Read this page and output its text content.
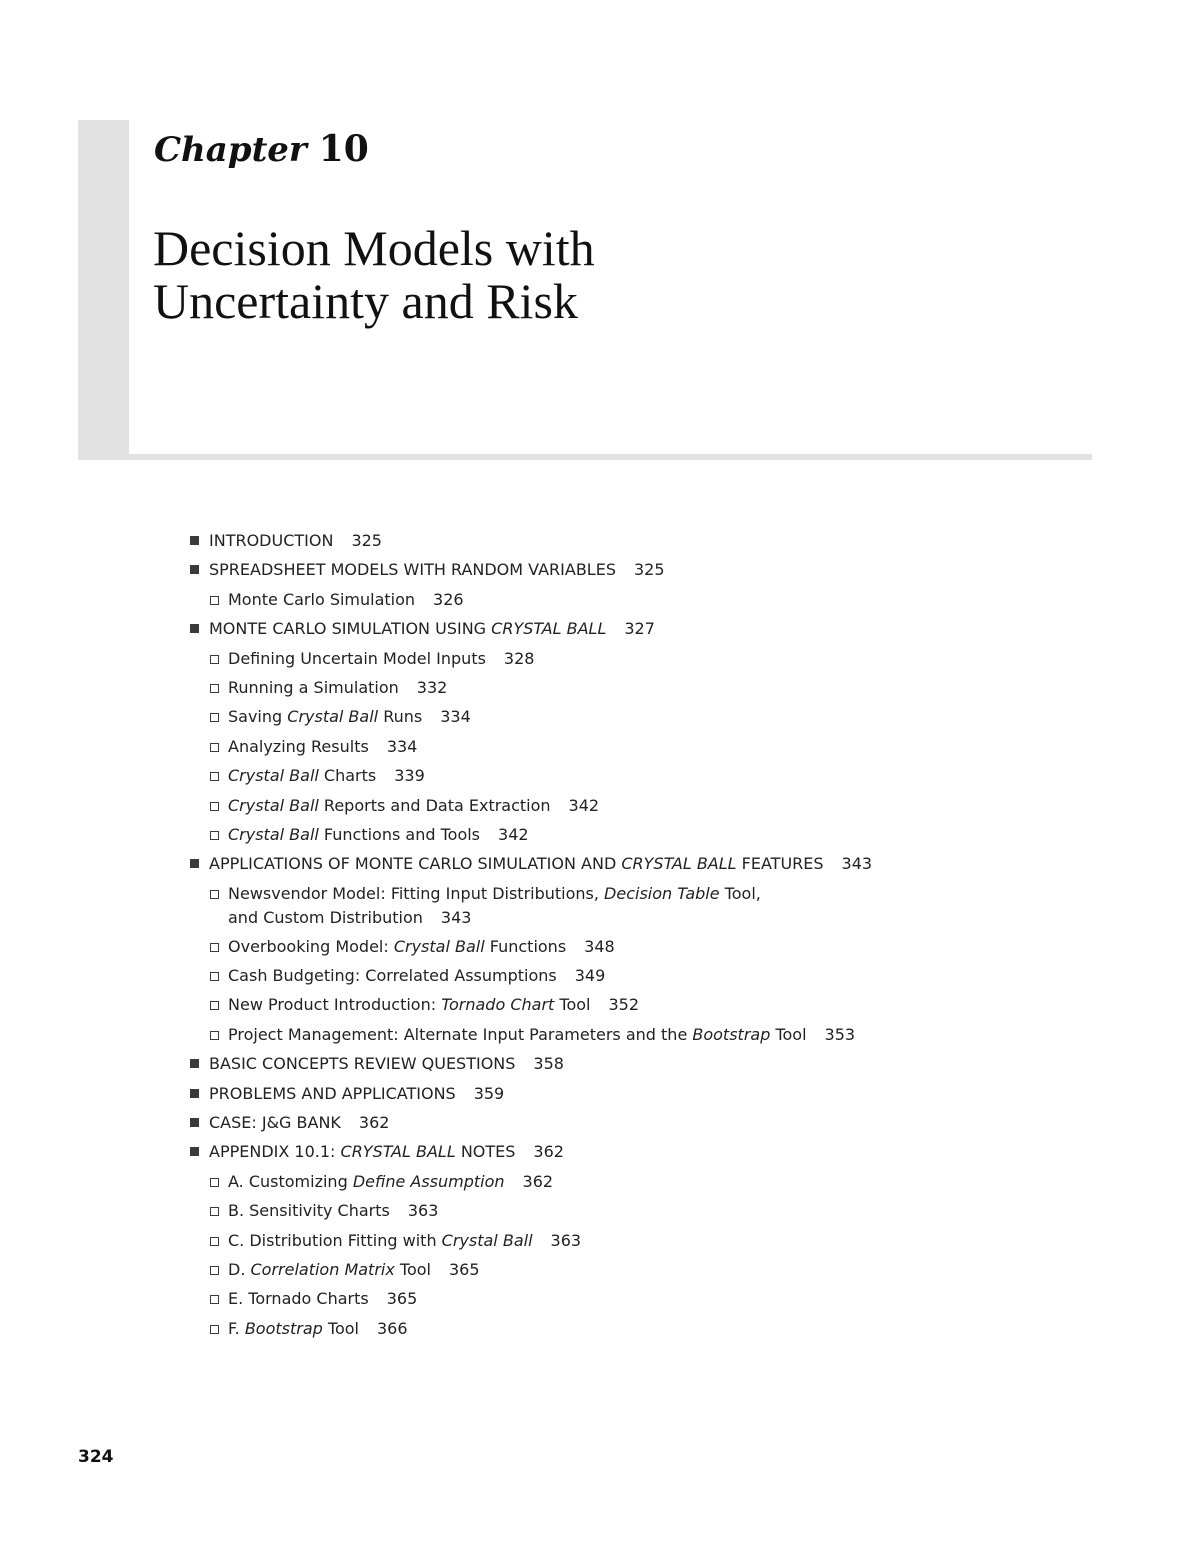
Chapter 10
Decision Models with
Uncertainty and Risk
INTRODUCTION 325
SPREADSHEET MODELS WITH RANDOM VARIABLES 325
Monte Carlo Simulation 326
MONTE CARLO SIMULATION USING CRYSTAL BALL 327
Defining Uncertain Model Inputs 328
Running a Simulation 332
Saving Crystal Ball Runs 334
Analyzing Results 334
Crystal Ball Charts 339
Crystal Ball Reports and Data Extraction 342
Crystal Ball Functions and Tools 342
APPLICATIONS OF MONTE CARLO SIMULATION AND CRYSTAL BALL FEATURES 343
Newsvendor Model: Fitting Input Distributions, Decision Table Tool,
and Custom Distribution 343
Overbooking Model: Crystal Ball Functions 348
Cash Budgeting: Correlated Assumptions 349
New Product Introduction: Tornado Chart Tool 352
Project Management: Alternate Input Parameters and the Bootstrap Tool 353
BASIC CONCEPTS REVIEW QUESTIONS 358
PROBLEMS AND APPLICATIONS 359
CASE: J&G BANK 362
APPENDIX 10.1: CRYSTAL BALL NOTES 362
A. Customizing Define Assumption 362
B. Sensitivity Charts 363
C. Distribution Fitting with Crystal Ball 363
D. Correlation Matrix Tool 365
E. Tornado Charts 365
F. Bootstrap Tool 366
324
